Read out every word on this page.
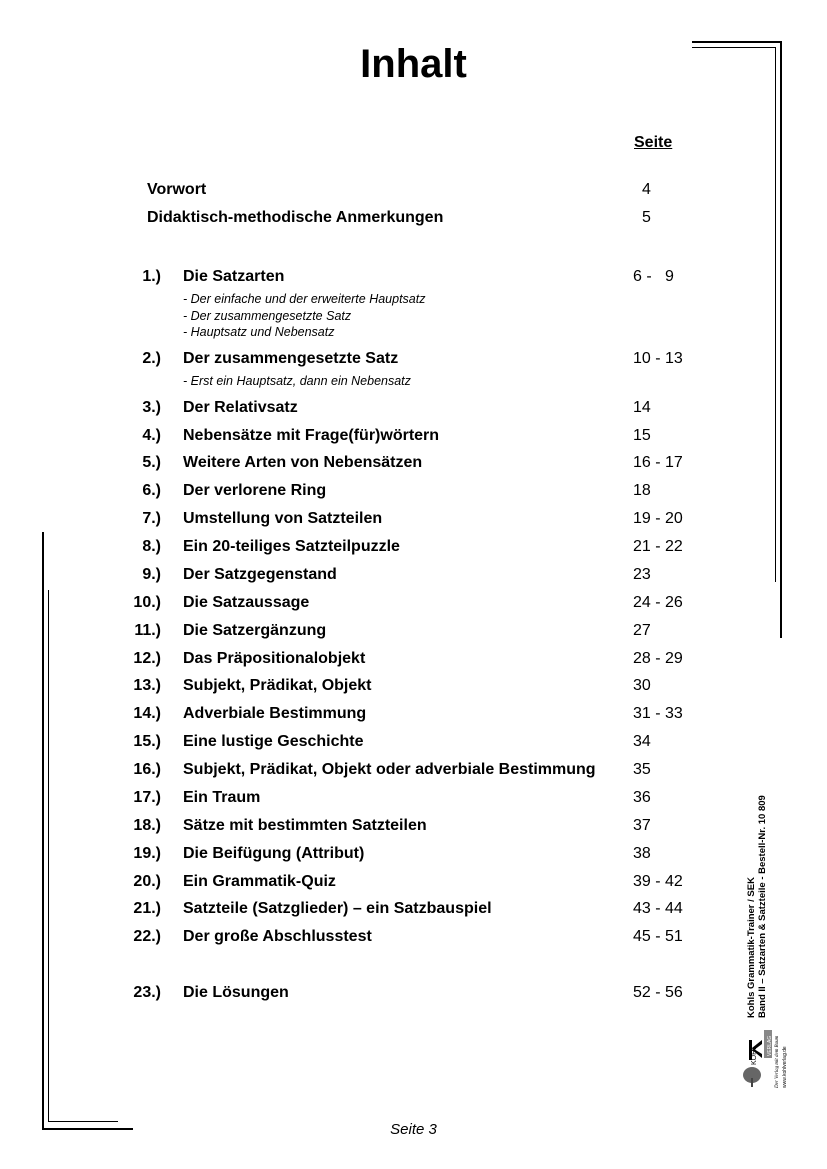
Inhalt
Seite
Vorwort	4
Didaktisch-methodische Anmerkungen	5
1.) Die Satzarten	6 -   9
- Der einfache und der erweiterte Hauptsatz
- Der zusammengesetzte Satz
- Hauptsatz und Nebensatz
2.) Der zusammengesetzte Satz	10 - 13
- Erst ein Hauptsatz, dann ein Nebensatz
3.) Der Relativsatz	14
4.) Nebensätze mit Frage(für)wörtern	15
5.) Weitere Arten von Nebensätzen	16 - 17
6.) Der verlorene Ring	18
7.) Umstellung von Satzteilen	19 - 20
8.) Ein 20-teiliges Satzteilpuzzle	21 - 22
9.) Der Satzgegenstand	23
10.) Die Satzaussage	24 - 26
11.) Die Satzergänzung	27
12.) Das Präpositionalobjekt	28 - 29
13.) Subjekt, Prädikat, Objekt	30
14.) Adverbiale Bestimmung	31 - 33
15.) Eine lustige Geschichte	34
16.) Subjekt, Prädikat, Objekt oder adverbiale Bestimmung 35
17.) Ein Traum	36
18.) Sätze mit bestimmten Satzteilen	37
19.) Die Beifügung (Attribut)	38
20.) Ein Grammatik-Quiz	39 - 42
21.) Satzteile (Satzglieder) – ein Satzbauspiel	43 - 44
22.) Der große Abschlusstest	45 - 51
23.) Die Lösungen	52 - 56
Seite 3
Kohls Grammatik-Trainer / SEK Band II – Satzarten & Satzteile - Bestell-Nr. 10 809
KOHL VERLAG Der Verlag mit dem Baum www.kohlverlag.de
